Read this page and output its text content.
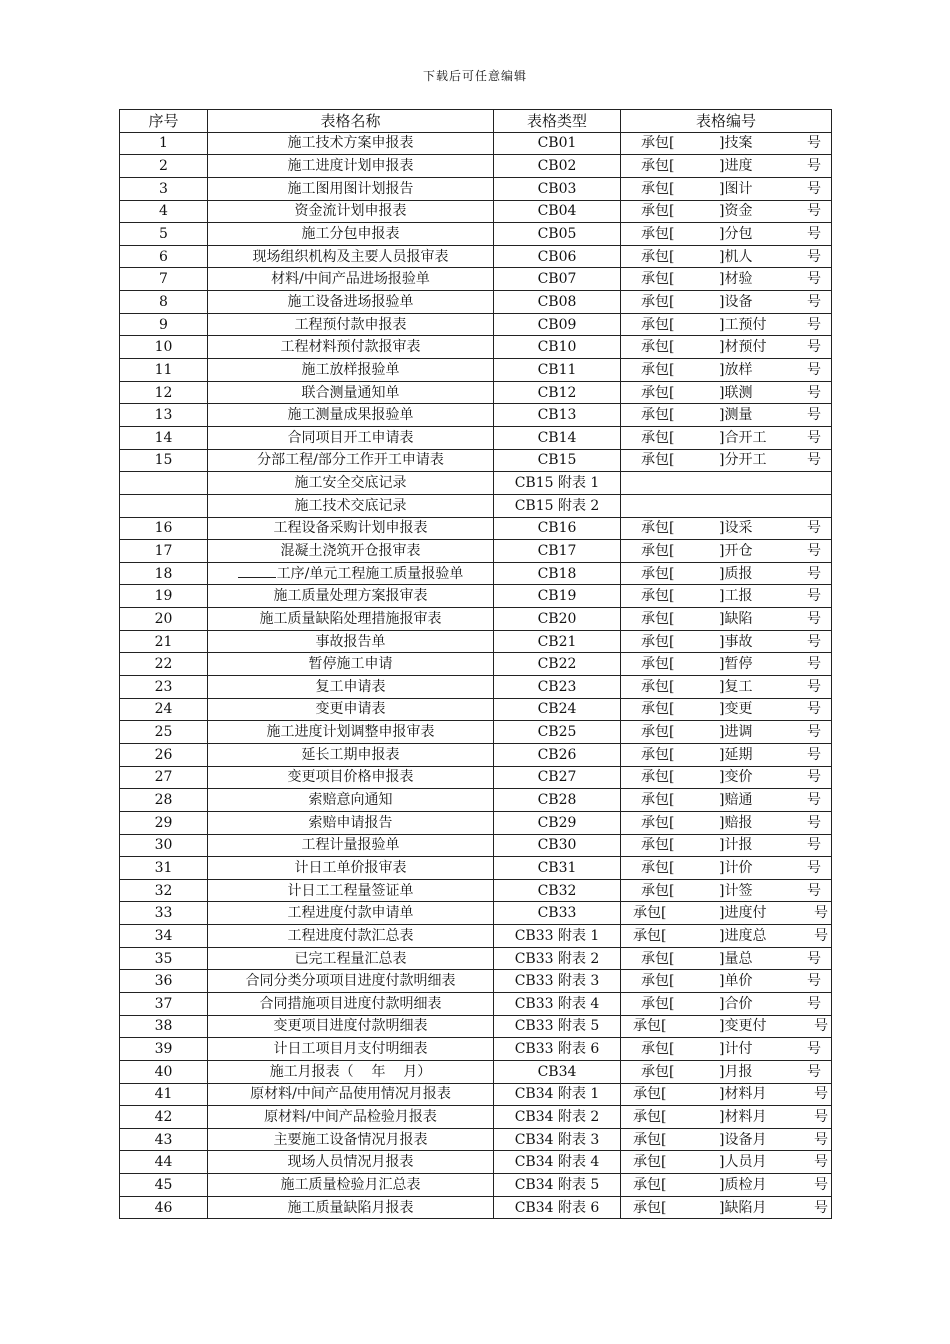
下载后可任意编辑
序号	表格名称	表格类型	表格编号
1	施工技术方案申报表	CB01	承包[ ]技案 号

2	施工进度计划申报表	CB02	承包[ ]进度 号

3	施工图用图计划报告	CB03	承包[ ]图计 号

4	资金流计划申报表	CB04	承包[ ]资金 号

5	施工分包申报表	CB05	承包[ ]分包 号

6	现场组织机构及主要人员报审表	CB06	承包[ ]机人 号

7	材料/中间产品进场报验单	CB07	承包[ ]材验 号

8	施工设备进场报验单	CB08	承包[ ]设备 号

9	工程预付款申报表	CB09	承包[ ]工预付 号

10	工程材料预付款报审表	CB10	承包[ ]材预付 号

11	施工放样报验单	CB11	承包[ ]放样 号

12	联合测量通知单	CB12	承包[ ]联测 号

13	施工测量成果报验单	CB13	承包[ ]测量 号

14	合同项目开工申请表	CB14	承包[ ]合开工 号

15	分部工程/部分工作开工申请表	CB15	承包[ ]分开工 号

	施工安全交底记录	CB15 附表 1	
	施工技术交底记录	CB15 附表 2	
16	工程设备采购计划申报表	CB16	承包[ ]设采 号

17	混凝土浇筑开仓报审表	CB17	承包[ ]开仓 号

18	工序/单元工程施工质量报验单	CB18	承包[ ]质报 号

19	施工质量处理方案报审表	CB19	承包[ ]工报 号

20	施工质量缺陷处理措施报审表	CB20	承包[ ]缺陷 号

21	事故报告单	CB21	承包[ ]事故 号

22	暂停施工申请	CB22	承包[ ]暂停 号

23	复工申请表	CB23	承包[ ]复工 号

24	变更申请表	CB24	承包[ ]变更 号

25	施工进度计划调整申报审表	CB25	承包[ ]进调 号

26	延长工期申报表	CB26	承包[ ]延期 号

27	变更项目价格申报表	CB27	承包[ ]变价 号

28	索赔意向通知	CB28	承包[ ]赔通 号

29	索赔申请报告	CB29	承包[ ]赔报 号

30	工程计量报验单	CB30	承包[ ]计报 号

31	计日工单价报审表	CB31	承包[ ]计价 号

32	计日工工程量签证单	CB32	承包[ ]计签 号

33	工程进度付款申请单	CB33	承包[ ]进度付 号

34	工程进度付款汇总表	CB33 附表 1	承包[ ]进度总 号

35	已完工程量汇总表	CB33 附表 2	承包[ ]量总 号

36	合同分类分项项目进度付款明细表	CB33 附表 3	承包[ ]单价 号

37	合同措施项目进度付款明细表	CB33 附表 4	承包[ ]合价 号

38	变更项目进度付款明细表	CB33 附表 5	承包[ ]变更付 号

39	计日工项目月支付明细表	CB33 附表 6	承包[ ]计付 号

40	施工月报表（    年    月）	CB34	承包[ ]月报 号

41	原材料/中间产品使用情况月报表	CB34 附表 1	承包[ ]材料月 号

42	原材料/中间产品检验月报表	CB34 附表 2	承包[ ]材料月 号

43	主要施工设备情况月报表	CB34 附表 3	承包[ ]设备月 号

44	现场人员情况月报表	CB34 附表 4	承包[ ]人员月 号

45	施工质量检验月汇总表	CB34 附表 5	承包[ ]质检月 号

46	施工质量缺陷月报表	CB34 附表 6	承包[ ]缺陷月 号
